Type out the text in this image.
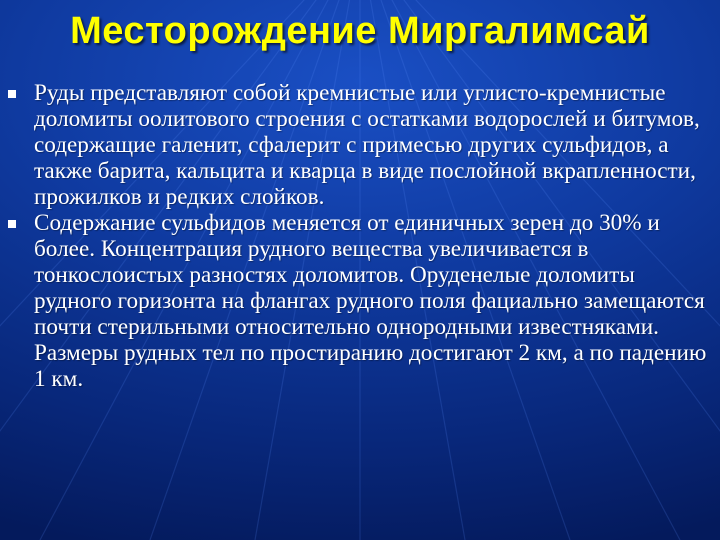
Месторождение Миргалимсай

Руды представляют собой кремнистые или углисто-кремнистые доломиты оолитового строения с остатками водорослей и битумов, содержащие галенит, сфалерит с примесью других сульфидов, а также барита, кальцита и кварца в виде послойной вкрапленности, прожилков и редких слойков.

Содержание сульфидов меняется от единичных зерен до 30% и более. Концентрация рудного вещества увеличивается в тонкослоистых разностях доломитов. Оруденелые доломиты рудного горизонта на флангах рудного поля фациально замещаются почти стерильными относительно однородными известняками. Размеры рудных тел по простиранию достигают 2 км, а по падению 1 км.
